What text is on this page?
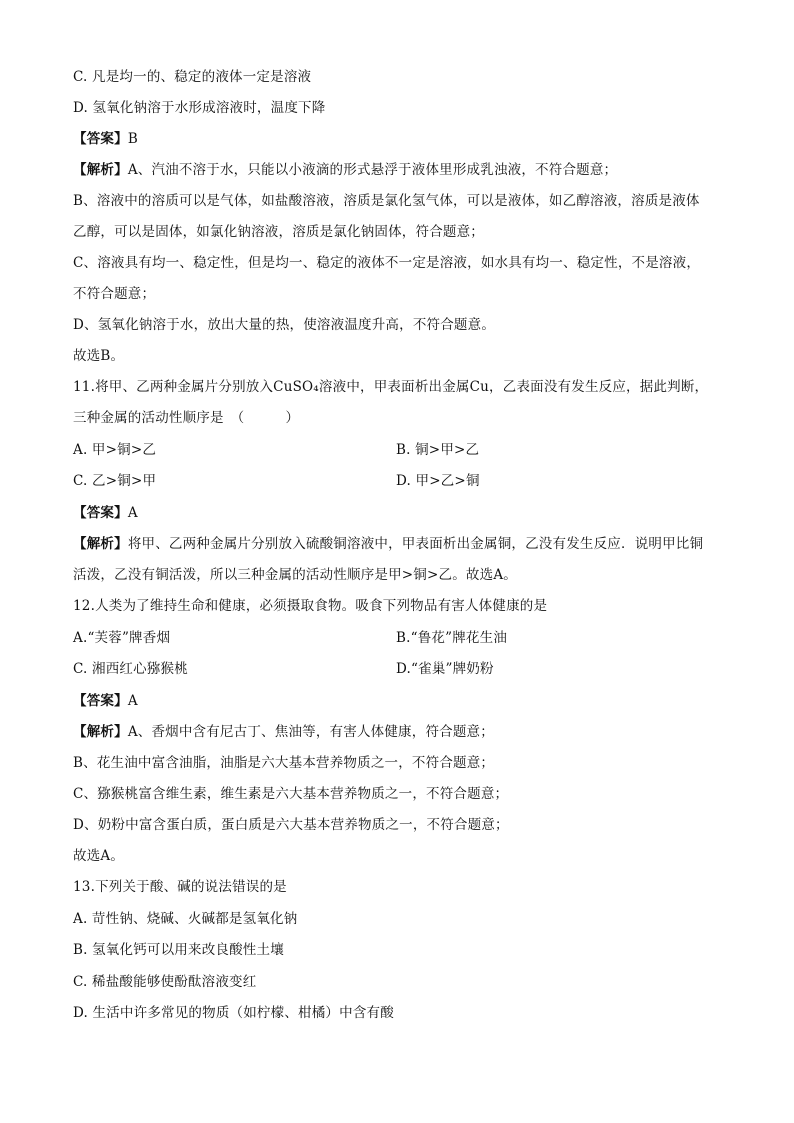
C. 凡是均一的、稳定的液体一定是溶液
D. 氢氧化钠溶于水形成溶液时，温度下降
【答案】B
【解析】A、汽油不溶于水，只能以小液滴的形式悬浮于液体里形成乳浊液，不符合题意；
B、溶液中的溶质可以是气体，如盐酸溶液，溶质是氯化氢气体，可以是液体，如乙醇溶液，溶质是液体
乙醇，可以是固体，如氯化钠溶液，溶质是氯化钠固体，符合题意；
C、溶液具有均一、稳定性，但是均一、稳定的液体不一定是溶液，如水具有均一、稳定性，不是溶液，
不符合题意；
D、氢氧化钠溶于水，放出大量的热，使溶液温度升高，不符合题意。
故选B。
11.将甲、乙两种金属片分别放入CuSO₄溶液中，甲表面析出金属Cu，乙表面没有发生反应，据此判断，
三种金属的活动性顺序是　（　　　）
A. 甲>铜>乙	B. 铜>甲>乙
C. 乙>铜>甲	D. 甲>乙>铜
【答案】A
【解析】将甲、乙两种金属片分别放入硫酸铜溶液中，甲表面析出金属铜，乙没有发生反应．说明甲比铜
活泼，乙没有铜活泼，所以三种金属的活动性顺序是甲>铜>乙。故选A。
12.人类为了维持生命和健康，必须摄取食物。吸食下列物品有害人体健康的是
A.“芙蓉”牌香烟	B.“鲁花”牌花生油
C. 湘西红心猕猴桃	D.“雀巢”牌奶粉
【答案】A
【解析】A、香烟中含有尼古丁、焦油等，有害人体健康，符合题意；
B、花生油中富含油脂，油脂是六大基本营养物质之一，不符合题意；
C、猕猴桃富含维生素，维生素是六大基本营养物质之一，不符合题意；
D、奶粉中富含蛋白质，蛋白质是六大基本营养物质之一，不符合题意；
故选A。
13.下列关于酸、碱的说法错误的是
A. 苛性钠、烧碱、火碱都是氢氧化钠
B. 氢氧化钙可以用来改良酸性土壤
C. 稀盐酸能够使酚酞溶液变红
D. 生活中许多常见的物质（如柠檬、柑橘）中含有酸
